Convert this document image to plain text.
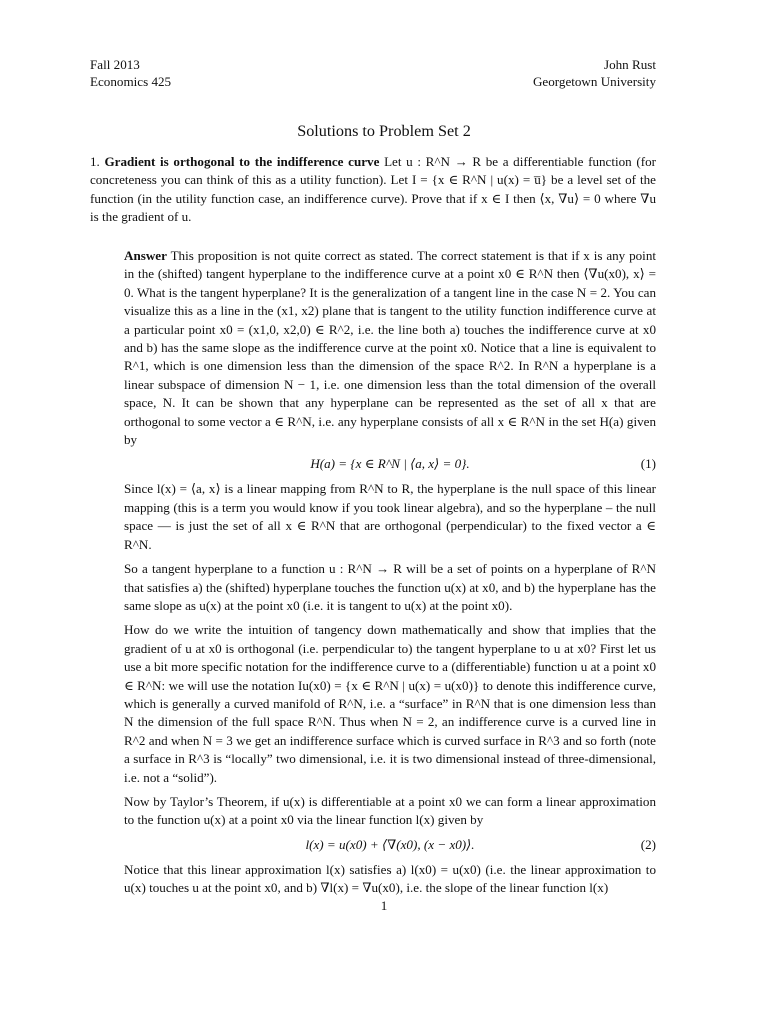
Fall 2013
Economics 425
John Rust
Georgetown University
Solutions to Problem Set 2
1. Gradient is orthogonal to the indifference curve Let u : R^N → R be a differentiable function (for concreteness you can think of this as a utility function). Let I = {x ∈ R^N | u(x) = u̅} be a level set of the function (in the utility function case, an indifference curve). Prove that if x ∈ I then ⟨x, ∇u⟩ = 0 where ∇u is the gradient of u.

Answer This proposition is not quite correct as stated. The correct statement is that if x is any point in the (shifted) tangent hyperplane to the indifference curve at a point x0 ∈ R^N then ⟨∇u(x0), x⟩ = 0. What is the tangent hyperplane? It is the generalization of a tangent line in the case N = 2. You can visualize this as a line in the (x1, x2) plane that is tangent to the utility function indifference curve at a particular point x0 = (x1,0, x2,0) ∈ R^2, i.e. the line both a) touches the indifference curve at x0 and b) has the same slope as the indifference curve at the point x0. Notice that a line is equivalent to R^1, which is one dimension less than the dimension of the space R^2. In R^N a hyperplane is a linear subspace of dimension N − 1, i.e. one dimension less than the total dimension of the overall space, N. It can be shown that any hyperplane can be represented as the set of all x that are orthogonal to some vector a ∈ R^N, i.e. any hyperplane consists of all x ∈ R^N in the set H(a) given by

H(a) = {x ∈ R^N | ⟨a, x⟩ = 0}.	(1)

Since l(x) = ⟨a, x⟩ is a linear mapping from R^N to R, the hyperplane is the null space of this linear mapping (this is a term you would know if you took linear algebra), and so the hyperplane – the null space — is just the set of all x ∈ R^N that are orthogonal (perpendicular) to the fixed vector a ∈ R^N.

So a tangent hyperplane to a function u : R^N → R will be a set of points on a hyperplane of R^N that satisfies a) the (shifted) hyperplane touches the function u(x) at x0, and b) the hyperplane has the same slope as u(x) at the point x0 (i.e. it is tangent to u(x) at the point x0).

How do we write the intuition of tangency down mathematically and show that implies that the gradient of u at x0 is orthogonal (i.e. perpendicular to) the tangent hyperplane to u at x0? First let us use a bit more specific notation for the indifference curve to a (differentiable) function u at a point x0 ∈ R^N: we will use the notation Iu(x0) = {x ∈ R^N | u(x) = u(x0)} to denote this indifference curve, which is generally a curved manifold of R^N, i.e. a “surface” in R^N that is one dimension less than N the dimension of the full space R^N. Thus when N = 2, an indifference curve is a curved line in R^2 and when N = 3 we get an indifference surface which is curved surface in R^3 and so forth (note a surface in R^3 is “locally” two dimensional, i.e. it is two dimensional instead of three-dimensional, i.e. not a “solid”).

Now by Taylor’s Theorem, if u(x) is differentiable at a point x0 we can form a linear approximation to the function u(x) at a point x0 via the linear function l(x) given by

l(x) = u(x0) + ⟨∇(x0), (x − x0)⟩.	(2)

Notice that this linear approximation l(x) satisfies a) l(x0) = u(x0) (i.e. the linear approximation to u(x) touches u at the point x0, and b) ∇l(x) = ∇u(x0), i.e. the slope of the linear function l(x)

1
